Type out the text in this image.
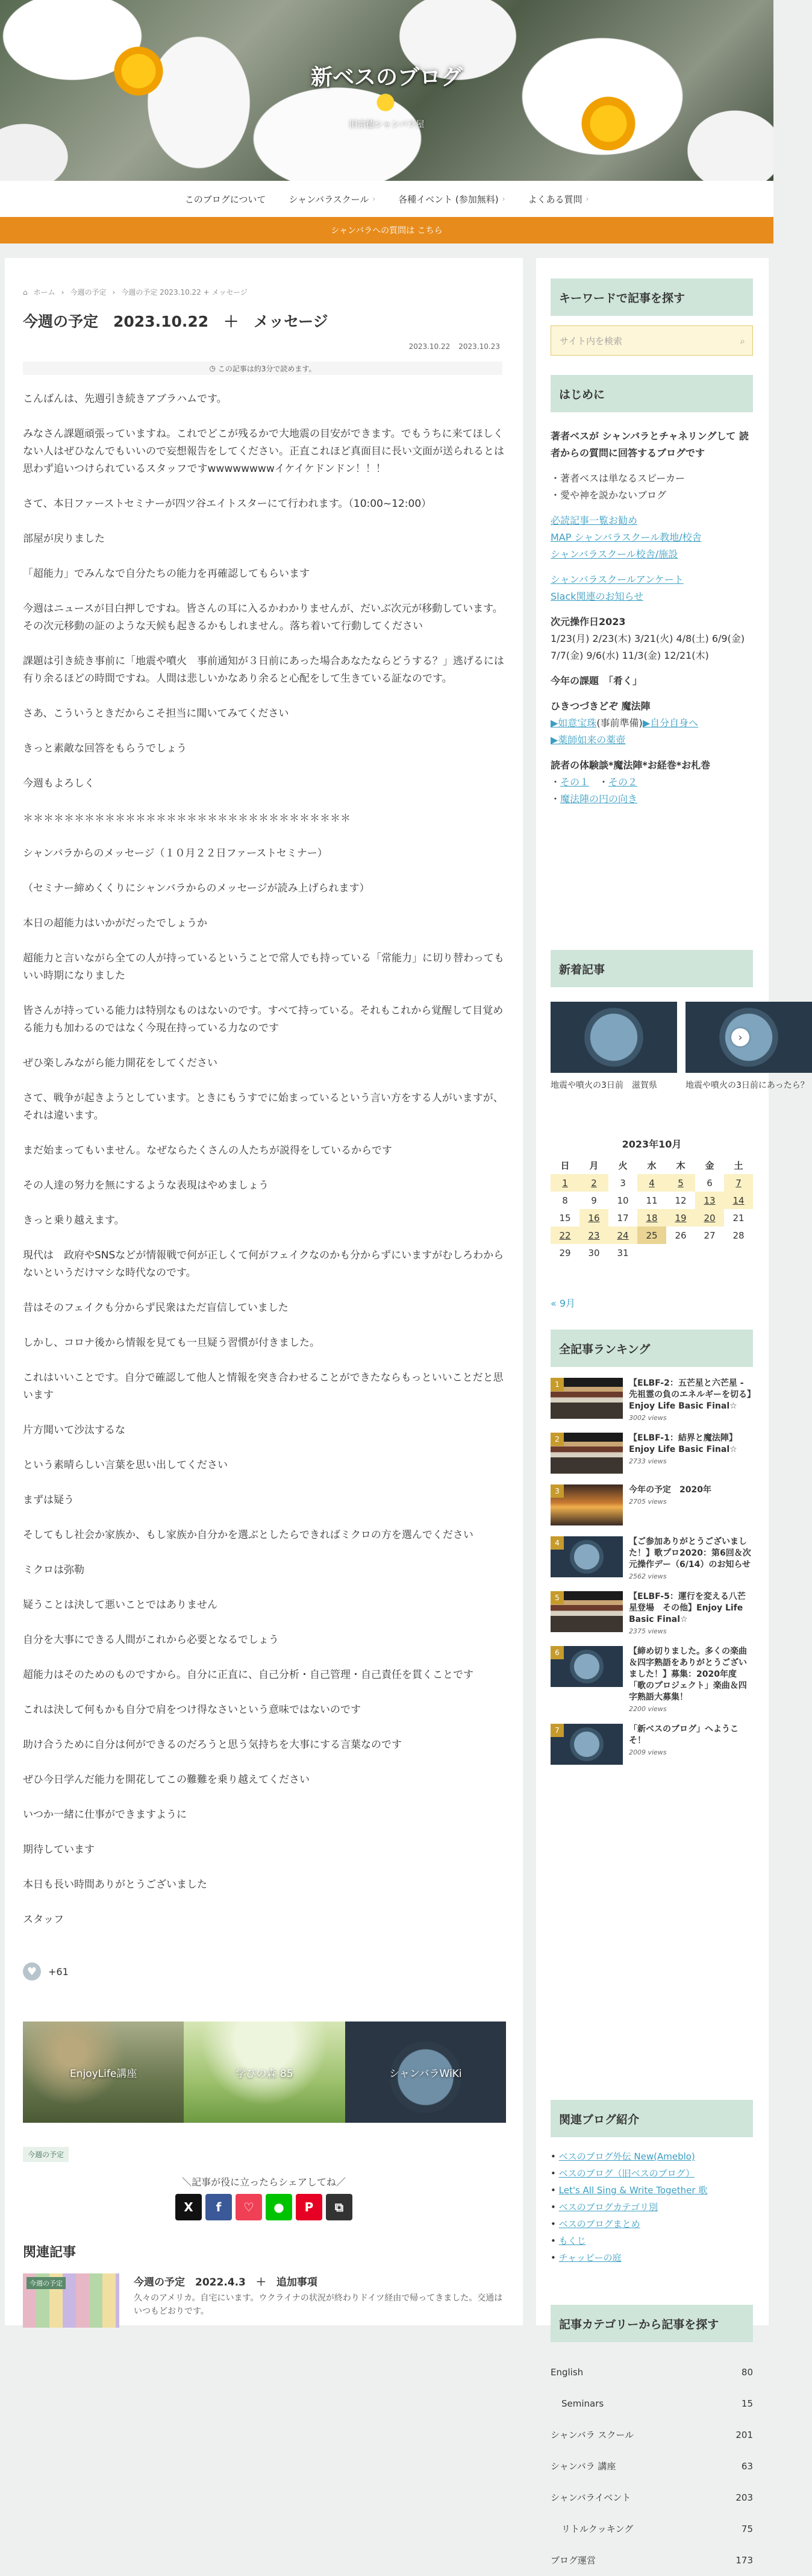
新ベスのブログ
旧宗徳シャンバラ屋
このブログについて	シャンバラスクール ›	各種イベント (参加無料) ›	よくある質問 ›
シャンバラへの質問は こちら
⌂ ホーム › 今週の予定 › 今週の予定 2023.10.22 + メッセージ
今週の予定　2023.10.22　＋　メッセージ
2023.10.22 2023.10.23
◷ この記事は約3分で読めます。

こんばんは、先週引き続きアブラハムです。

みなさん課題頑張っていますね。これでどこが残るかで大地震の目安ができます。でもうちに来てほしくない人はぜひなんでもいいので妄想報告をしてください。正直これほど真面目に長い文面が送られるとは思わず追いつけられているスタッフですwwwwwwwwイケイケドンドン！！！

さて、本日ファーストセミナーが四ツ谷エイトスターにて行われます。（10:00~12:00）

部屋が戻りました

「超能力」でみんなで自分たちの能力を再確認してもらいます

今週はニュースが目白押しですね。皆さんの耳に入るかわかりませんが、だいぶ次元が移動しています。その次元移動の証のような天候も起きるかもしれません。落ち着いて行動してください

課題は引き続き事前に「地震や噴火　事前通知が３日前にあった場合あなたならどうする？」逃げるには有り余るほどの時間ですね。人間は悲しいかなあり余ると心配をして生きている証なのです。

さあ、こういうときだからこそ担当に聞いてみてください

きっと素敵な回答をもらうでしょう

今週もよろしく

＊＊＊＊＊＊＊＊＊＊＊＊＊＊＊＊＊＊＊＊＊＊＊＊＊＊＊＊＊＊＊＊

シャンバラからのメッセージ（１０月２２日ファーストセミナー）

（セミナー締めくくりにシャンバラからのメッセージが読み上げられます）

本日の超能力はいかがだったでしょうか

超能力と言いながら全ての人が持っているということで常人でも持っている「常能力」に切り替わってもいい時期になりました

皆さんが持っている能力は特別なものはないのです。すべて持っている。それもこれから覚醒して目覚める能力も加わるのではなく今現在持っている力なのです

ぜひ楽しみながら能力開花をしてください

さて、戦争が起きようとしています。ときにもうすでに始まっているという言い方をする人がいますが、それは違います。

まだ始まってもいません。なぜならたくさんの人たちが説得をしているからです

その人達の努力を無にするような表現はやめましょう

きっと乗り越えます。

現代は　政府やSNSなどが情報戦で何が正しくて何がフェイクなのかも分からずにいますがむしろわからないというだけマシな時代なのです。

昔はそのフェイクも分からず民衆はただ盲信していました

しかし、コロナ後から情報を見ても一旦疑う習慣が付きました。

これはいいことです。自分で確認して他人と情報を突き合わせることができたならもっといいことだと思います

片方聞いて沙汰するな

という素晴らしい言葉を思い出してください

まずは疑う

そしてもし社会か家族か、もし家族か自分かを選ぶとしたらできればミクロの方を選んでください

ミクロは弥勒

疑うことは決して悪いことではありません

自分を大事にできる人間がこれから必要となるでしょう

超能力はそのためのものですから。自分に正直に、自己分析・自己管理・自己責任を貫くことです

これは決して何もかも自分で肩をつけ得なさいという意味ではないのです

助け合うために自分は何ができるのだろうと思う気持ちを大事にする言葉なのです

ぜひ今日学んだ能力を開花してこの難難を乗り越えてください

いつか一緒に仕事ができますように

期待しています

本日も長い時間ありがとうございました

スタッフ

♥	+61
EnjoyLife講座	学びの森 85	シャンバラWiKi
今週の予定
＼記事が役に立ったらシェアしてね／
X	f	♡	●	P	⧉
関連記事
今週の予定	今週の予定　2022.4.3　＋　追加事項
久々のアメリカ。自宅にいます。ウクライナの状況が終わりドイツ経由で帰ってきました。交通はいつもどおりです。
キーワードで記事を探す
サイト内を検索	⌕
はじめに
著者ベスが シャンバラとチャネリングして 読者からの質問に回答するブログです
・著者ベスは単なるスピーカー
・愛や神を説かないブログ
必読記事一覧お勧め
MAP シャンバラスクール教地/校舎
シャンバラスクール校舎/施設
シャンバラスクールアンケート
Slack関連のお知らせ
次元操作日2023
1/23(月) 2/23(木) 3/21(火) 4/8(土) 6/9(金) 7/7(金) 9/6(水) 11/3(金) 12/21(木)
今年の課題　「肴く」
ひきつづきどぞ 魔法陣
▶如意宝珠(事前準備)▶自分自身へ
▶薬師如来の薬壺
読者の体験談*魔法陣*お経巻*お札巻
・その１　・その２
・魔法陣の円の向き
新着記事
地震や噴火の3日前　滋賀県	地震や噴火の3日前にあったら？
›
2023年10月
日	月	火	水	木	金	土
1	2	3	4	5	6	7
8	9	10	11	12	13	14
15	16	17	18	19	20	21
22	23	24	25	26	27	28
29	30	31				
« 9月
全記事ランキング
1	【ELBF-2：五芒星と六芒星 - 先祖霊の負のエネルギーを切る】Enjoy Life Basic Final☆
3002 views
2	【ELBF-1：結界と魔法陣】Enjoy Life Basic Final☆
2733 views
3	今年の予定　2020年
2705 views
4	【ご参加ありがとうございました！】歌プロ2020：第6回＆次元操作デー（6/14）のお知らせ
2562 views
5	【ELBF-5：運行を変える八芒星登場　その他】Enjoy Life Basic Final☆
2375 views
6	【締め切りました。多くの楽曲＆四字熟語をありがとうございました！】募集：2020年度「歌のプロジェクト」楽曲＆四字熟語大募集！
2200 views
7	「新ベスのブログ」へようこそ！
2009 views
関連ブログ紹介
• ベスのブログ外伝 New(Ameblo)
• ベスのブログ（旧ベスのブログ）
• Let's All Sing & Write Together 歌
• ベスのブログカテゴリ別
• ベスのブログまとめ
• もくじ
• チャッピーの庭
記事カテゴリーから記事を探す
English	80
Seminars	15
シャンバラ スクール	201
シャンバラ 講座	63
シャンバライベント	203
リトルクッキング	75
ブログ運営	173
